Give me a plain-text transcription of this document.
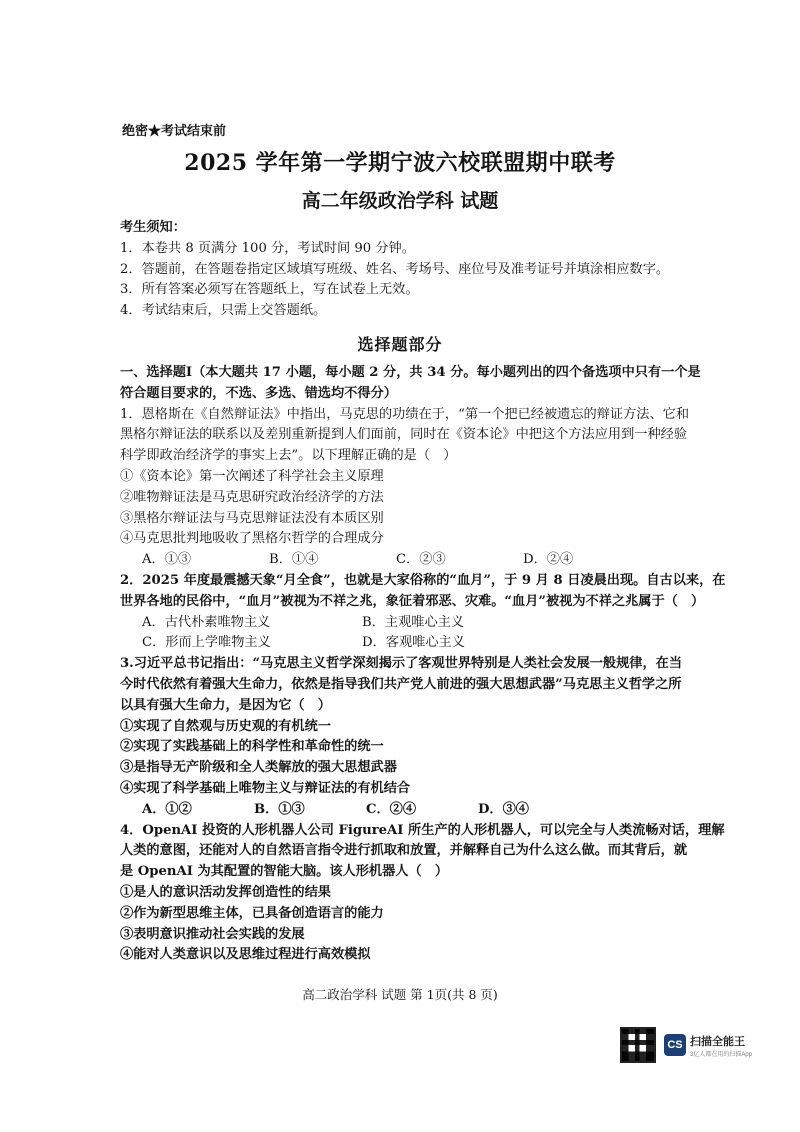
绝密★考试结束前
2025 学年第一学期宁波六校联盟期中联考
高二年级政治学科 试题

考生须知：

1．本卷共 8 页满分 100 分，考试时间 90 分钟。

2．答题前，在答题卷指定区域填写班级、姓名、考场号、座位号及准考证号并填涂相应数字。

3．所有答案必须写在答题纸上，写在试卷上无效。

4．考试结束后，只需上交答题纸。

选择题部分

一、选择题Ⅰ（本大题共 17 小题，每小题 2 分，共 34 分。每小题列出的四个备选项中只有一个是

符合题目要求的，不选、多选、错选均不得分）

1．恩格斯在《自然辩证法》中指出，马克思的功绩在于，“第一个把已经被遗忘的辩证方法、它和

黑格尔辩证法的联系以及差别重新提到人们面前，同时在《资本论》中把这个方法应用到一种经验

科学即政治经济学的事实上去”。以下理解正确的是（　）

①《资本论》第一次阐述了科学社会主义原理

②唯物辩证法是马克思研究政治经济学的方法

③黑格尔辩证法与马克思辩证法没有本质区别

④马克思批判地吸收了黑格尔哲学的合理成分

A．①③	B．①④	C．②③	D．②④

2．2025 年度最震撼天象“月全食”，也就是大家俗称的“血月”，于 9 月 8 日凌晨出现。自古以来，在

世界各地的民俗中，“血月”被视为不祥之兆，象征着邪恶、灾难。“血月”被视为不祥之兆属于（　）

A．古代朴素唯物主义	B．主观唯心主义

C．形而上学唯物主义	D．客观唯心主义

3.习近平总书记指出：“马克思主义哲学深刻揭示了客观世界特别是人类社会发展一般规律，在当

今时代依然有着强大生命力，依然是指导我们共产党人前进的强大思想武器”马克思主义哲学之所

以具有强大生命力，是因为它（　）

①实现了自然观与历史观的有机统一

②实现了实践基础上的科学性和革命性的统一

③是指导无产阶级和全人类解放的强大思想武器

④实现了科学基础上唯物主义与辩证法的有机结合

A．①②	B．①③	C．②④	D．③④

4．OpenAI 投资的人形机器人公司 FigureAI 所生产的人形机器人，可以完全与人类流畅对话，理解

人类的意图，还能对人的自然语言指令进行抓取和放置，并解释自己为什么这么做。而其背后，就

是 OpenAI 为其配置的智能大脑。该人形机器人（　）

①是人的意识活动发挥创造性的结果

②作为新型思维主体，已具备创造语言的能力

③表明意识推动社会实践的发展

④能对人类意识以及思维过程进行高效模拟

高二政治学科 试题 第 1页(共 8 页)
CS 扫描全能王
3亿人都在用的扫描App
